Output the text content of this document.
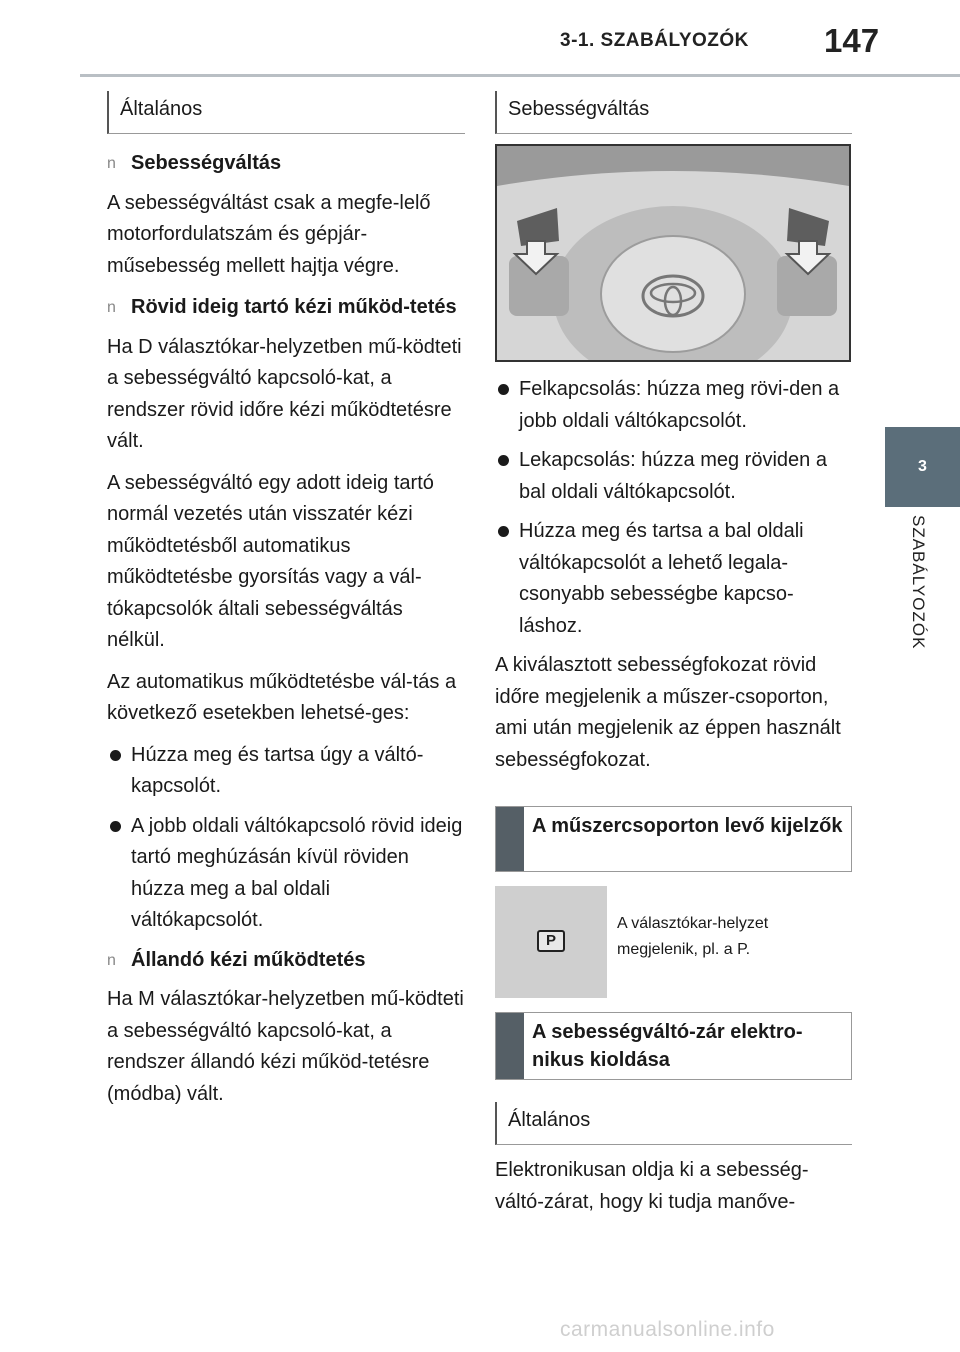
3-1. SZABÁLYOZÓK 147
3
SZABÁLYOZÓK
Általános
n Sebességváltás

A sebességváltást csak a megfe-lelő motorfordulatszám és gépjár-műsebesség mellett hajtja végre.

n Rövid ideig tartó kézi működ-tetés

Ha D választókar-helyzetben mű-ködteti a sebességváltó kapcsoló-kat, a rendszer rövid időre kézi működtetésre vált.

A sebességváltó egy adott ideig tartó normál vezetés után visszatér kézi működtetésből automatikus működtetésbe gyorsítás vagy a vál-tókapcsolók általi sebességváltás nélkül.

Az automatikus működtetésbe vál-tás a következő esetekben lehetsé-ges:

Húzza meg és tartsa úgy a váltó-kapcsolót.
A jobb oldali váltókapcsoló rövid ideig tartó meghúzásán kívül röviden húzza meg a bal oldali váltókapcsolót.
n Állandó kézi működtetés

Ha M választókar-helyzetben mű-ködteti a sebességváltó kapcsoló-kat, a rendszer állandó kézi működ-tetésre (módba) vált.

Sebességváltás
Felkapcsolás: húzza meg rövi-den a jobb oldali váltókapcsolót.
Lekapcsolás: húzza meg röviden a bal oldali váltókapcsolót.
Húzza meg és tartsa a bal oldali váltókapcsolót a lehető legala-csonyabb sebességbe kapcso-láshoz.

A kiválasztott sebességfokozat rövid időre megjelenik a műszer-csoporton, ami után megjelenik az éppen használt sebességfokozat.

A műszercsoporton levő kijelzők
P
A választókar-helyzet megjelenik, pl. a P.
A sebességváltó-zár elektro-nikus kioldása
Általános

Elektronikusan oldja ki a sebesség-váltó-zárat, hogy ki tudja manőve-

carmanualsonline.info
